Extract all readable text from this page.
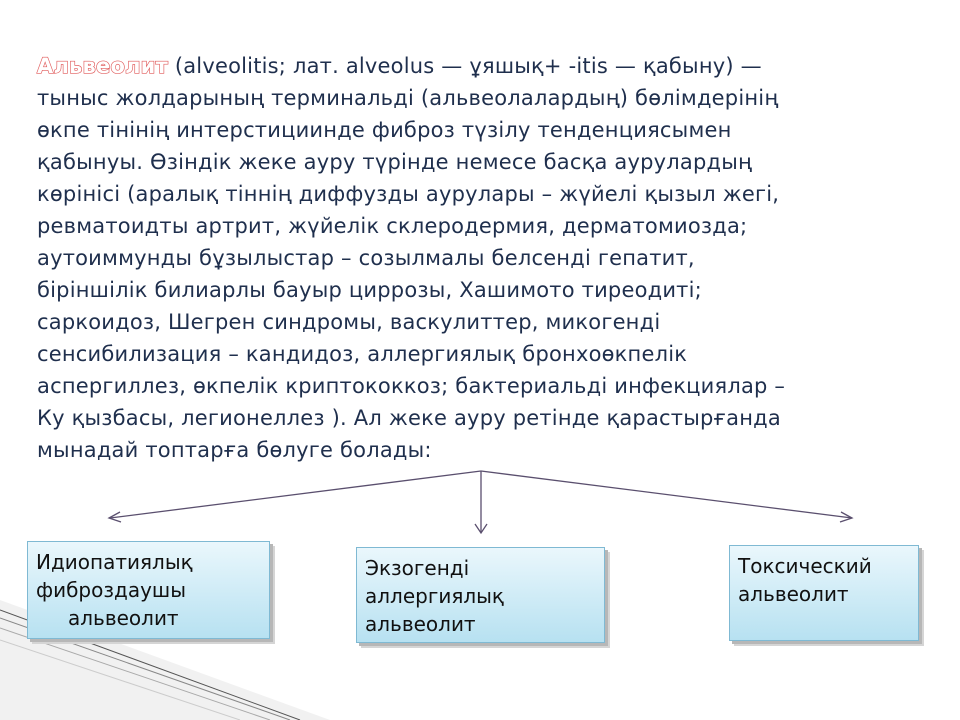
Альвеолит (alveolitis; лат. alveolus — ұяшық+ -itis — қабыну) —
тыныс жолдарының терминальді (альвеолалардың) бөлімдерінің
өкпе тінінің интерстициинде фиброз түзілу тенденциясымен
қабынуы. Өзіндік жеке ауру түрінде немесе басқа аурулардың
көрінісі (аралық тіннің диффузды аурулары – жүйелі қызыл жегі,
ревматоидты артрит, жүйелік склеродермия, дерматомиозда;
аутоиммунды бұзылыстар – созылмалы белсенді гепатит,
біріншілік билиарлы бауыр циррозы, Хашимото тиреодиті;
саркоидоз, Шегрен синдромы, васкулиттер, микогенді
сенсибилизация – кандидоз, аллергиялық бронхоөкпелік
аспергиллез, өкпелік криптококкоз; бактериальді инфекциялар –
Ку қызбасы, легионеллез ). Ал жеке ауру ретінде қарастырғанда
мынадай топтарға бөлуге болады:
Идиопатиялық
фиброздаушы
альвеолит
Экзогенді
аллергиялық
альвеолит
Токсический
альвеолит
